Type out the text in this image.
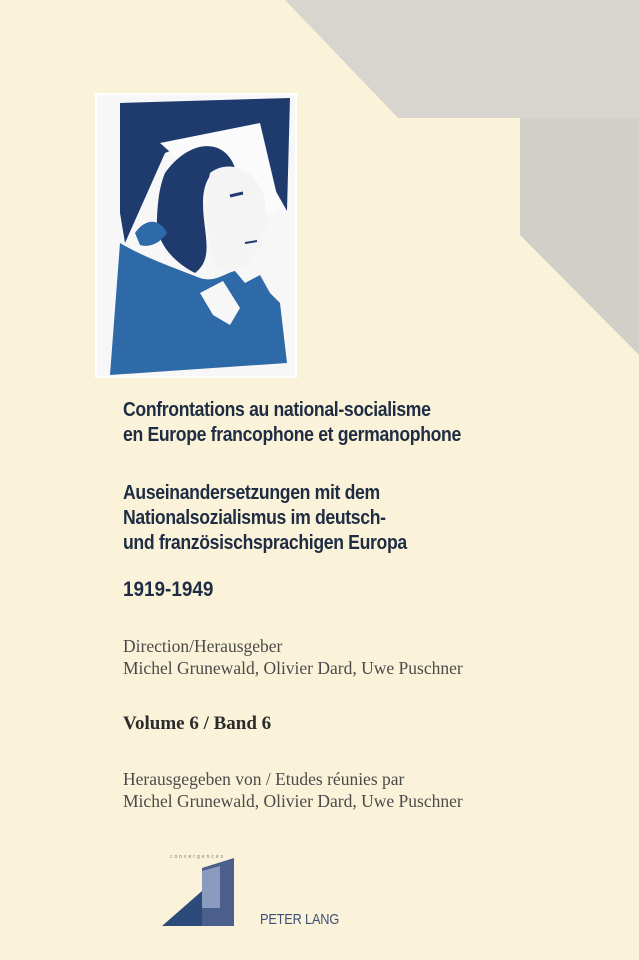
Confrontations au national-socialisme
en Europe francophone et germanophone
Auseinandersetzungen mit dem
Nationalsozialismus im deutsch-
und französischsprachigen Europa
1919-1949
Direction/Herausgeber
Michel Grunewald, Olivier Dard, Uwe Puschner
Volume 6 / Band 6
Herausgegeben von / Etudes réunies par
Michel Grunewald, Olivier Dard, Uwe Puschner
convergences
PETER LANG
